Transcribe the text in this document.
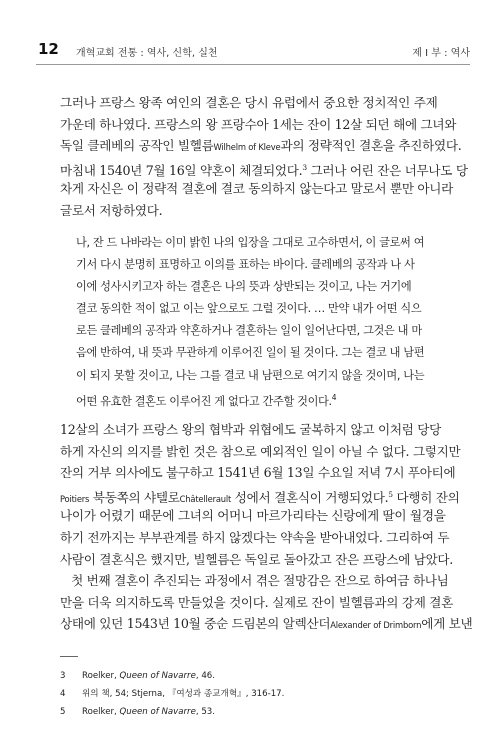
12 개혁교회 전통 : 역사, 신학, 실천	제 I 부 : 역사
그러나 프랑스 왕족 여인의 결혼은 당시 유럽에서 중요한 정치적인 주제
가운데 하나였다. 프랑스의 왕 프랑수아 1세는 잔이 12살 되던 해에 그녀와
독일 클레베의 공작인 빌헬름Wilhelm of Kleve과의 정략적인 결혼을 추진하였다.
마침내 1540년 7월 16일 약혼이 체결되었다.$^3$ 그러나 어린 잔은 너무나도 당
차게 자신은 이 정략적 결혼에 결코 동의하지 않는다고 말로서 뿐만 아니라
글로서 저항하였다.
나, 잔 드 나바라는 이미 밝힌 나의 입장을 그대로 고수하면서, 이 글로써 여
기서 다시 분명히 표명하고 이의를 표하는 바이다. 클레베의 공작과 나 사
이에 성사시키고자 하는 결혼은 나의 뜻과 상반되는 것이고, 나는 거기에
결코 동의한 적이 없고 이는 앞으로도 그럴 것이다. … 만약 내가 어떤 식으
로든 클레베의 공작과 약혼하거나 결혼하는 일이 일어난다면, 그것은 내 마
음에 반하여, 내 뜻과 무관하게 이루어진 일이 될 것이다. 그는 결코 내 남편
이 되지 못할 것이고, 나는 그를 결코 내 남편으로 여기지 않을 것이며, 나는
어떤 유효한 결혼도 이루어진 게 없다고 간주할 것이다.$^4$
12살의 소녀가 프랑스 왕의 협박과 위협에도 굴복하지 않고 이처럼 당당
하게 자신의 의지를 밝힌 것은 참으로 예외적인 일이 아닐 수 없다. 그렇지만
잔의 거부 의사에도 불구하고 1541년 6월 13일 수요일 저녁 7시 푸아티에
Poitiers 북동쪽의 샤텔로Châtellerault 성에서 결혼식이 거행되었다.$^5$ 다행히 잔의
나이가 어렸기 때문에 그녀의 어머니 마르가리타는 신랑에게 딸이 월경을
하기 전까지는 부부관계를 하지 않겠다는 약속을 받아내었다. 그리하여 두
사람이 결혼식은 했지만, 빌헬름은 독일로 돌아갔고 잔은 프랑스에 남았다.
첫 번째 결혼이 추진되는 과정에서 겪은 절망감은 잔으로 하여금 하나님
만을 더욱 의지하도록 만들었을 것이다. 실제로 잔이 빌헬름과의 강제 결혼
상태에 있던 1543년 10월 중순 드림본의 알렉산더Alexander of Drimborn에게 보낸
3 Roelker, Queen of Navarre, 46.
4 위의 책, 54; Stjerna, 『여성과 종교개혁』, 316-17.
5 Roelker, Queen of Navarre, 53.
